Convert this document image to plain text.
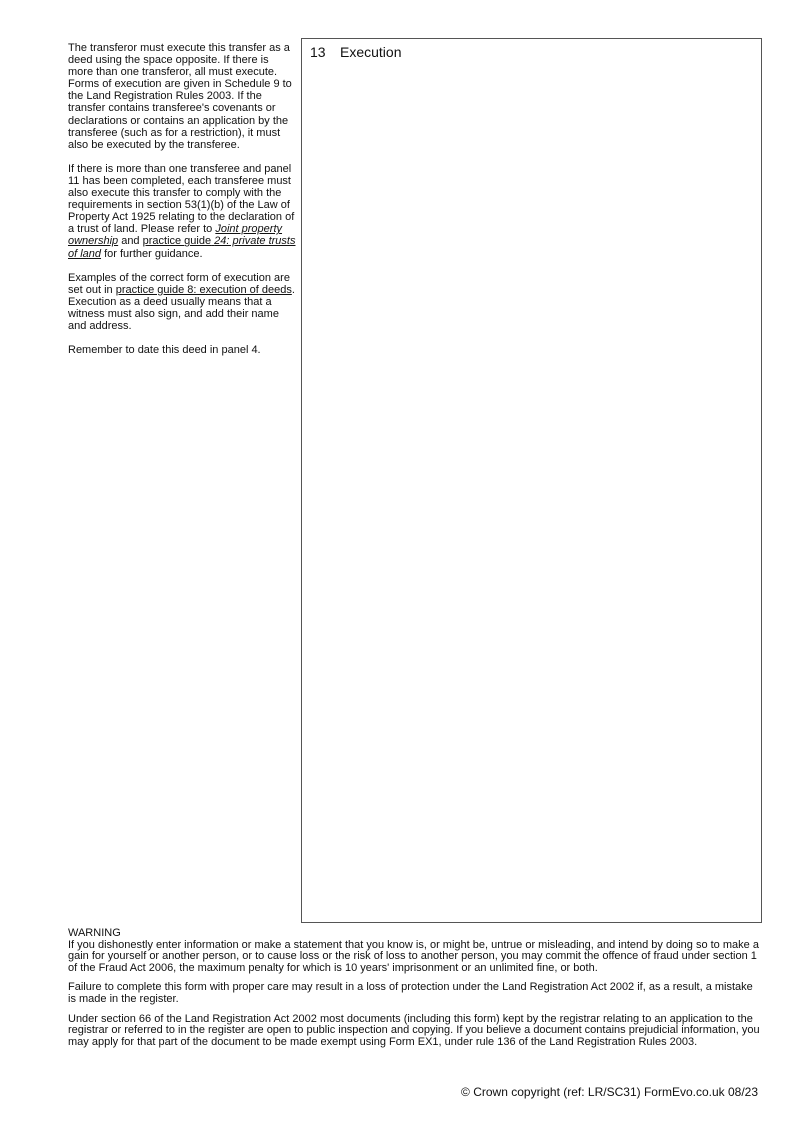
The transferor must execute this transfer as a deed using the space opposite. If there is more than one transferor, all must execute. Forms of execution are given in Schedule 9 to the Land Registration Rules 2003. If the transfer contains transferee's covenants or declarations or contains an application by the transferee (such as for a restriction), it must also be executed by the transferee.

If there is more than one transferee and panel 11 has been completed, each transferee must also execute this transfer to comply with the requirements in section 53(1)(b) of the Law of Property Act 1925 relating to the declaration of a trust of land. Please refer to Joint property ownership and practice guide 24: private trusts of land for further guidance.

Examples of the correct form of execution are set out in practice guide 8: execution of deeds. Execution as a deed usually means that a witness must also sign, and add their name and address.

Remember to date this deed in panel 4.

13 Execution

WARNING
If you dishonestly enter information or make a statement that you know is, or might be, untrue or misleading, and intend by doing so to make a gain for yourself or another person, or to cause loss or the risk of loss to another person, you may commit the offence of fraud under section 1 of the Fraud Act 2006, the maximum penalty for which is 10 years' imprisonment or an unlimited fine, or both.

Failure to complete this form with proper care may result in a loss of protection under the Land Registration Act 2002 if, as a result, a mistake is made in the register.

Under section 66 of the Land Registration Act 2002 most documents (including this form) kept by the registrar relating to an application to the registrar or referred to in the register are open to public inspection and copying. If you believe a document contains prejudicial information, you may apply for that part of the document to be made exempt using Form EX1, under rule 136 of the Land Registration Rules 2003.

© Crown copyright (ref: LR/SC31) FormEvo.co.uk 08/23
